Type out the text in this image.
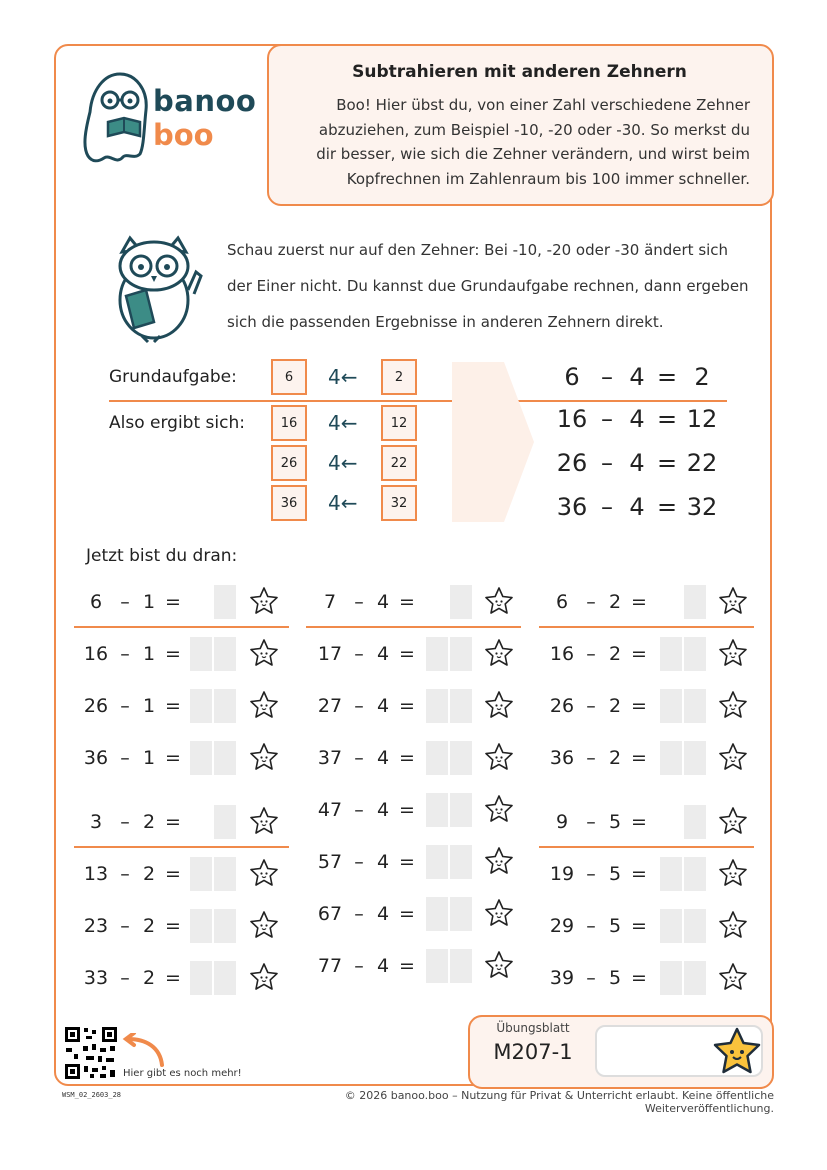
banoo
boo
Subtrahieren mit anderen Zehnern
Boo! Hier übst du, von einer Zahl verschiedene Zehner abzuziehen, zum Beispiel -10, -20 oder -30. So merkst du dir besser, wie sich die Zehner verändern, und wirst beim Kopfrechnen im Zahlenraum bis 100 immer schneller.
Schau zuerst nur auf den Zehner: Bei -10, -20 oder -30 ändert sich der Einer nicht. Du kannst due Grundaufgabe rechnen, dann ergeben sich die passenden Ergebnisse in anderen Zehnern direkt.
Grundaufgabe:
Also ergibt sich:
6	4←	2	6 – 4 = 2
16	4←	12	16 – 4 = 12
26	4←	22	26 – 4 = 22
36	4←	32	36 – 4 = 32
Jetzt bist du dran:
6 – 1 =
16 – 1 =
26 – 1 =
36 – 1 =
3 – 2 =
13 – 2 =
23 – 2 =
33 – 2 =
7 – 4 =
17 – 4 =
27 – 4 =
37 – 4 =
47 – 4 =
57 – 4 =
67 – 4 =
77 – 4 =
6 – 2 =
16 – 2 =
26 – 2 =
36 – 2 =
9 – 5 =
19 – 5 =
29 – 5 =
39 – 5 =
Hier gibt es noch mehr!
Übungsblatt
M207-1
WSM_02_2603_28	© 2026 banoo.boo – Nutzung für Privat & Unterricht erlaubt. Keine öffentliche Weiterveröffentlichung.
